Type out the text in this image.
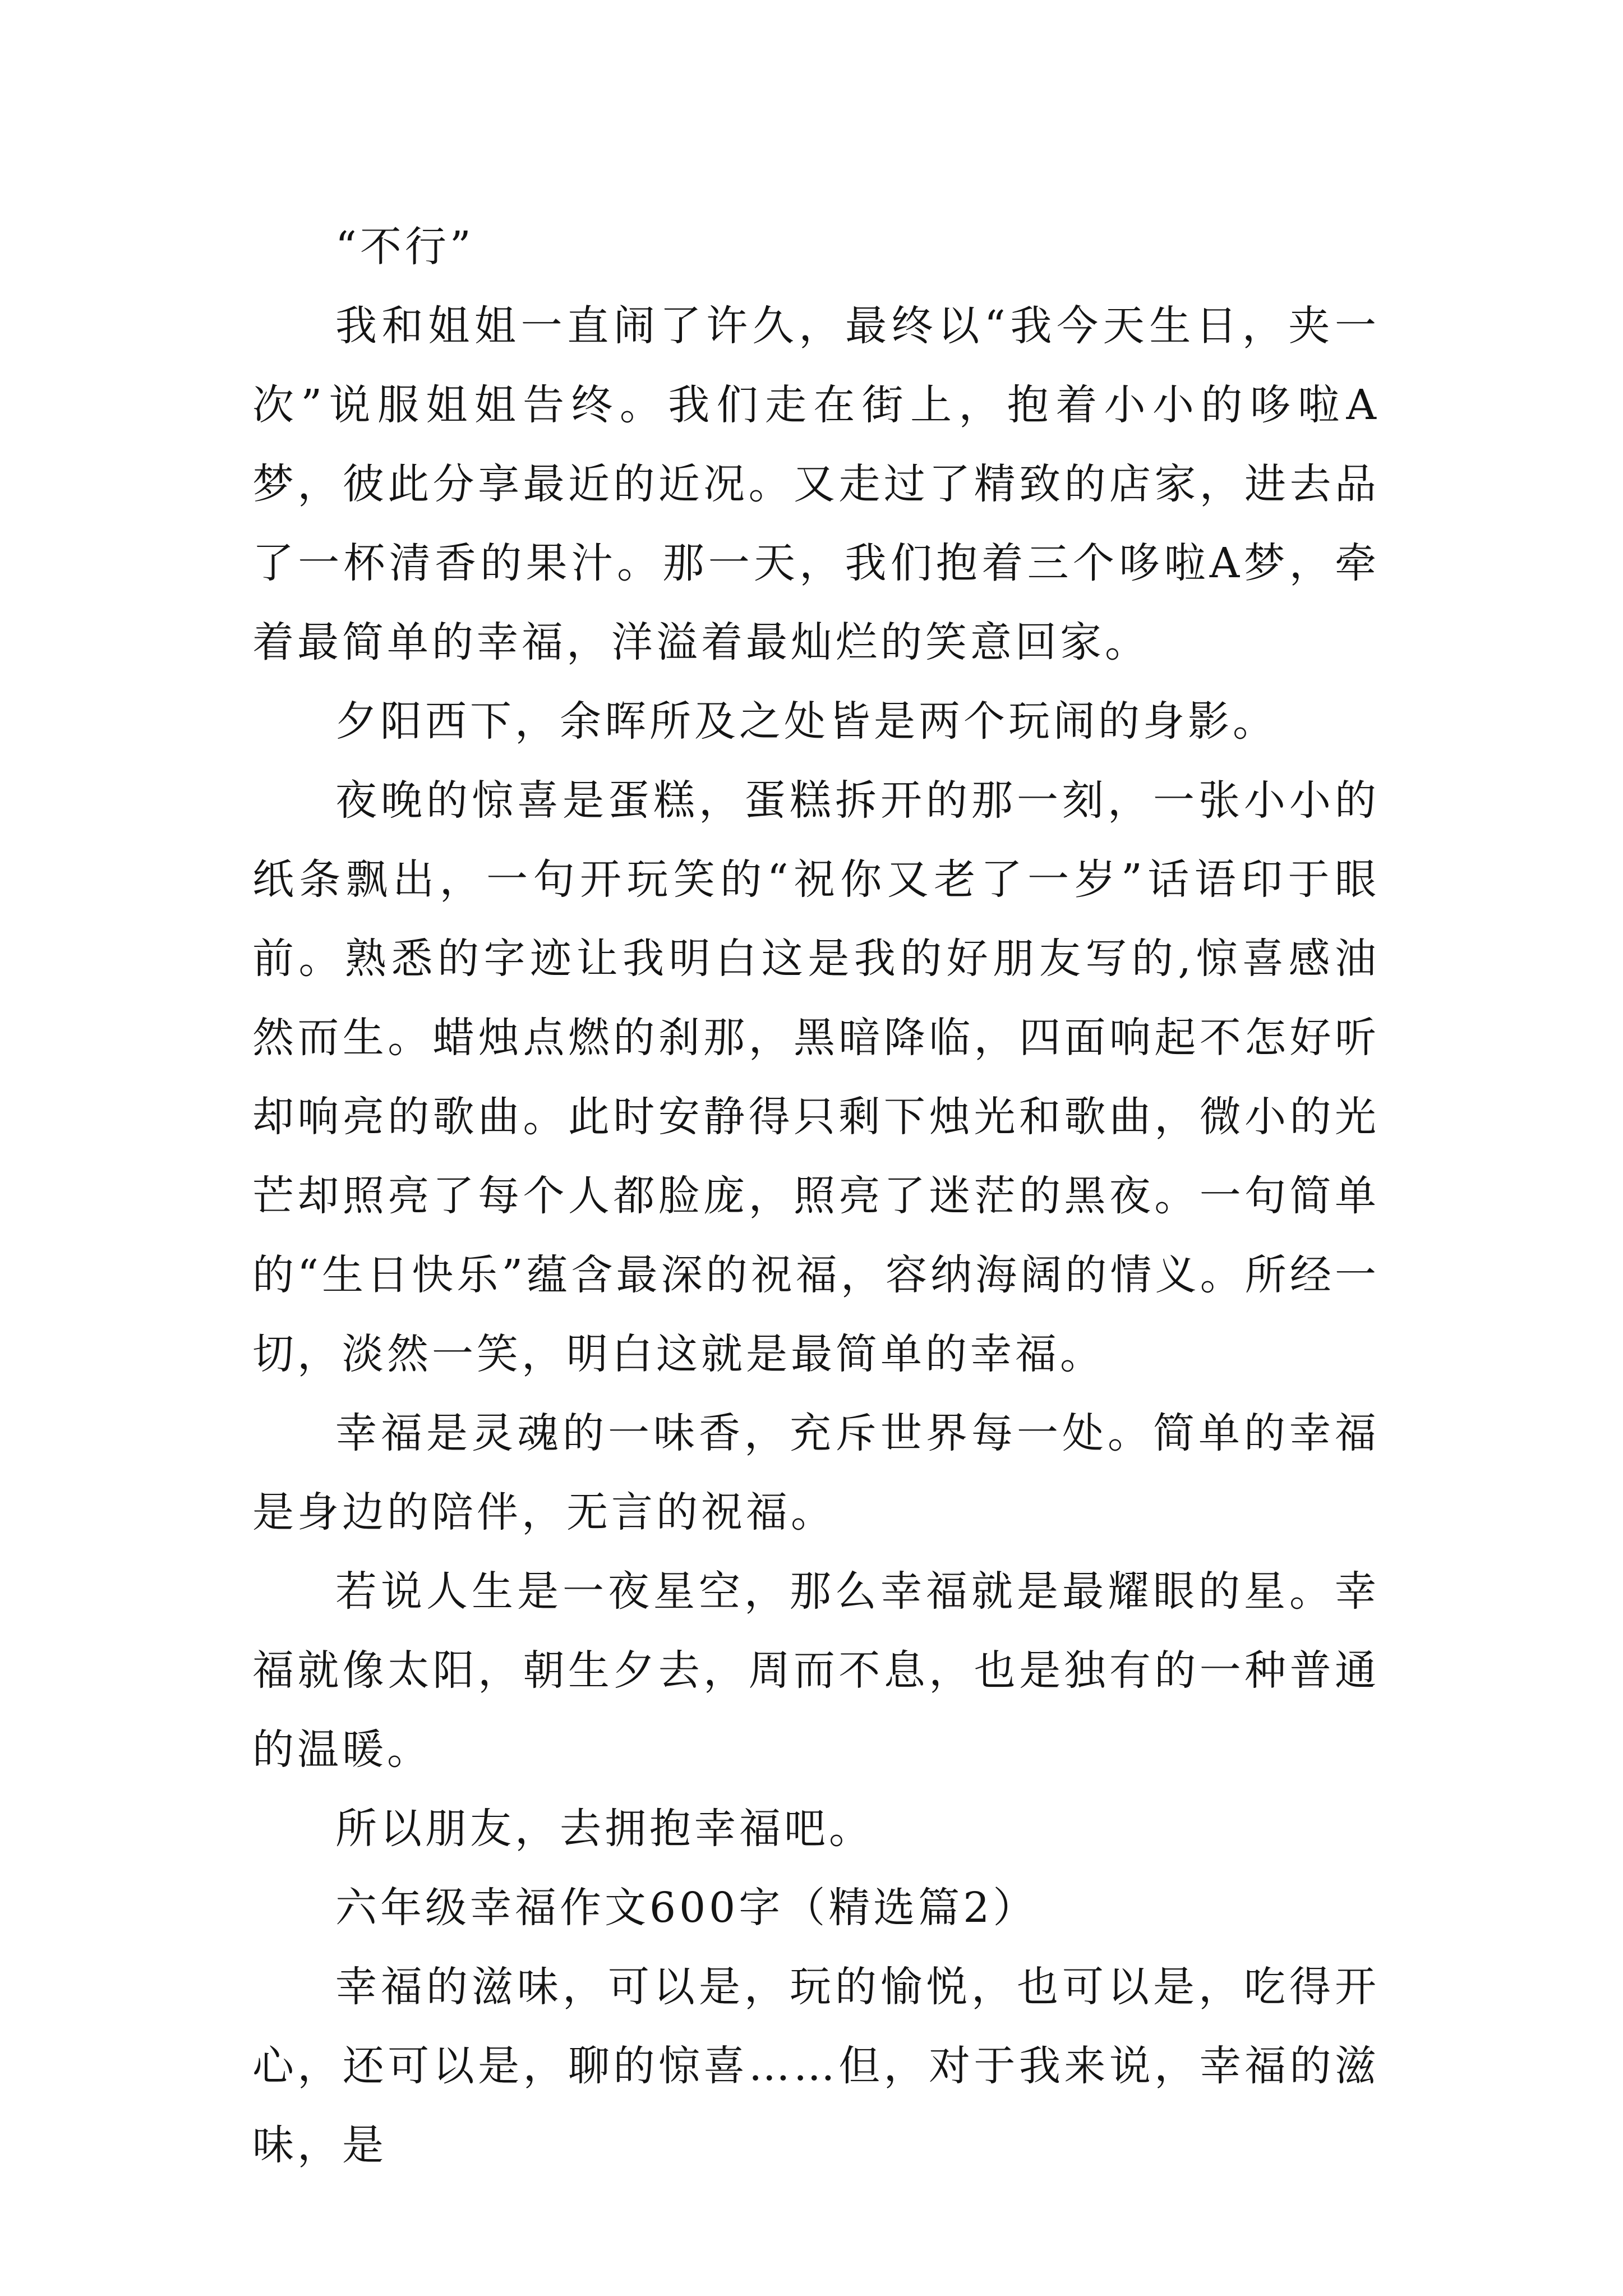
“不行”

我和姐姐一直闹了许久，最终以“我今天生日，夹一次”说服姐姐告终。我们走在街上，抱着小小的哆啦A梦，彼此分享最近的近况。又走过了精致的店家，进去品了一杯清香的果汁。那一天，我们抱着三个哆啦A梦，牵着最简单的幸福，洋溢着最灿烂的笑意回家。

夕阳西下，余晖所及之处皆是两个玩闹的身影。

夜晚的惊喜是蛋糕，蛋糕拆开的那一刻，一张小小的纸条飘出，一句开玩笑的“祝你又老了一岁”话语印于眼前。熟悉的字迹让我明白这是我的好朋友写的,惊喜感油然而生。蜡烛点燃的刹那，黑暗降临，四面响起不怎好听却响亮的歌曲。此时安静得只剩下烛光和歌曲，微小的光芒却照亮了每个人都脸庞，照亮了迷茫的黑夜。一句简单的“生日快乐”蕴含最深的祝福，容纳海阔的情义。所经一切，淡然一笑，明白这就是最简单的幸福。

幸福是灵魂的一味香，充斥世界每一处。简单的幸福是身边的陪伴，无言的祝福。

若说人生是一夜星空，那么幸福就是最耀眼的星。幸福就像太阳，朝生夕去，周而不息，也是独有的一种普通的温暖。

所以朋友，去拥抱幸福吧。

六年级幸福作文600字（精选篇2）

幸福的滋味，可以是，玩的愉悦，也可以是，吃得开心，还可以是，聊的惊喜……但，对于我来说，幸福的滋味，是
